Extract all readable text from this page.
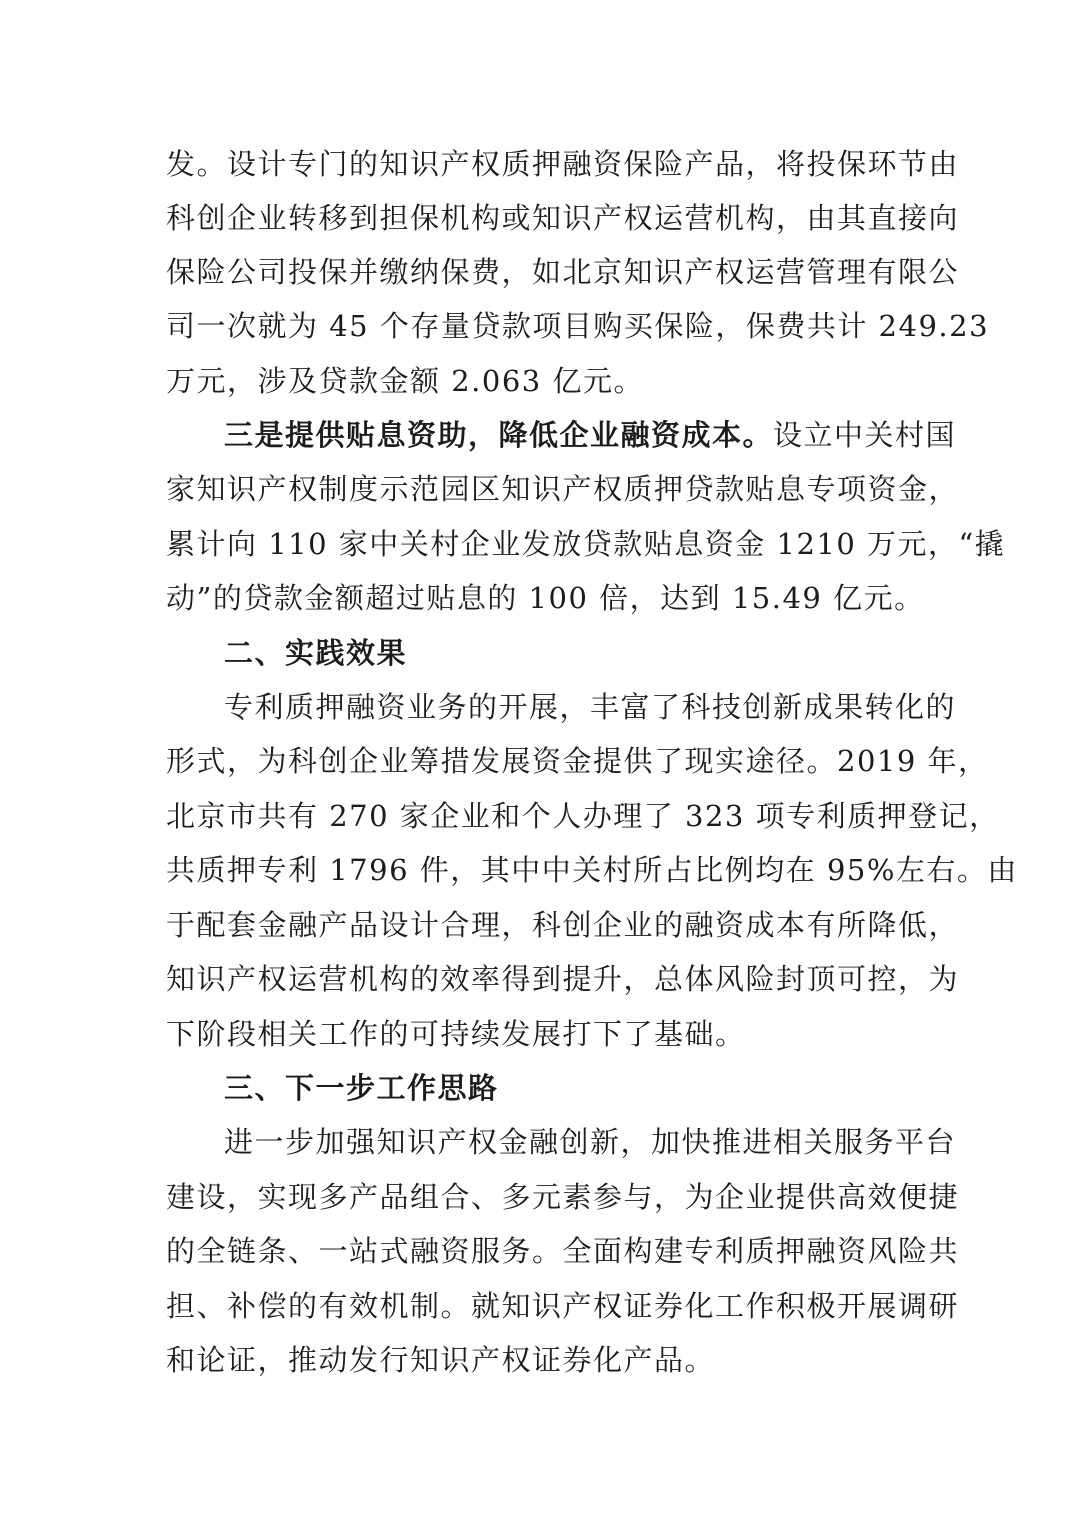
发。设计专门的知识产权质押融资保险产品，将投保环节由
科创企业转移到担保机构或知识产权运营机构，由其直接向
保险公司投保并缴纳保费，如北京知识产权运营管理有限公
司一次就为 45 个存量贷款项目购买保险，保费共计 249.23
万元，涉及贷款金额 2.063 亿元。
三是提供贴息资助，降低企业融资成本。设立中关村国
家知识产权制度示范园区知识产权质押贷款贴息专项资金，
累计向 110 家中关村企业发放贷款贴息资金 1210 万元，“撬
动”的贷款金额超过贴息的 100 倍，达到 15.49 亿元。
二、实践效果
专利质押融资业务的开展，丰富了科技创新成果转化的
形式，为科创企业筹措发展资金提供了现实途径。2019 年，
北京市共有 270 家企业和个人办理了 323 项专利质押登记，
共质押专利 1796 件，其中中关村所占比例均在 95%左右。由
于配套金融产品设计合理，科创企业的融资成本有所降低，
知识产权运营机构的效率得到提升，总体风险封顶可控，为
下阶段相关工作的可持续发展打下了基础。
三、下一步工作思路
进一步加强知识产权金融创新，加快推进相关服务平台
建设，实现多产品组合、多元素参与，为企业提供高效便捷
的全链条、一站式融资服务。全面构建专利质押融资风险共
担、补偿的有效机制。就知识产权证券化工作积极开展调研
和论证，推动发行知识产权证券化产品。
